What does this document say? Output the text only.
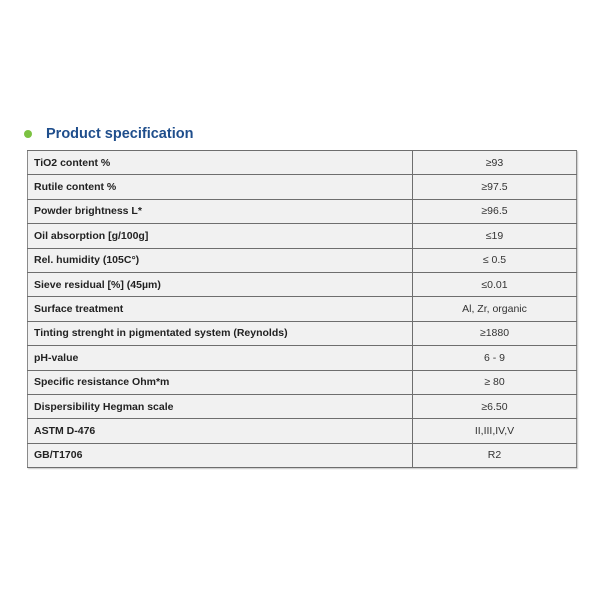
Product specification
TiO2 content %	≥93
Rutile content %	≥97.5
Powder brightness L*	≥96.5
Oil absorption [g/100g]	≤19
Rel. humidity (105C°)	≤ 0.5
Sieve residual [%] (45µm)	≤0.01
Surface treatment	Al, Zr, organic
Tinting strenght in pigmentated system (Reynolds)	≥1880
pH-value	6 - 9
Specific resistance Ohm*m	≥ 80
Dispersibility Hegman scale	≥6.50
ASTM D-476	II,III,IV,V
GB/T1706	R2
